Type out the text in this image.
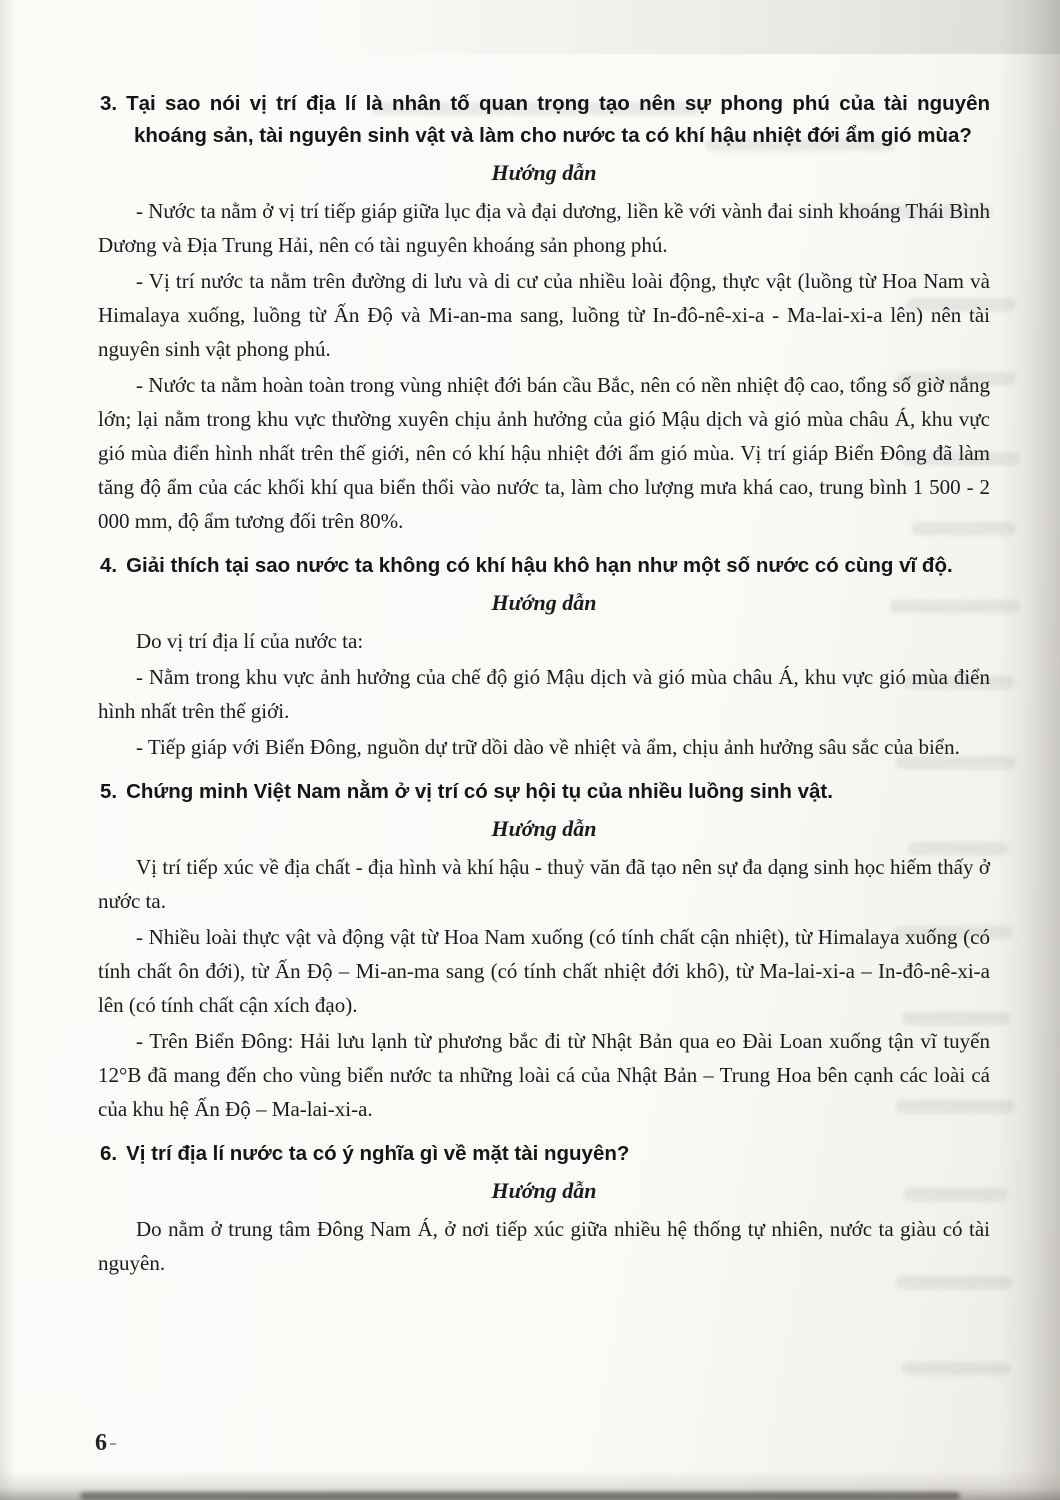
3. Tại sao nói vị trí địa lí là nhân tố quan trọng tạo nên sự phong phú của tài nguyên khoáng sản, tài nguyên sinh vật và làm cho nước ta có khí hậu nhiệt đới ẩm gió mùa?

Hướng dẫn

- Nước ta nằm ở vị trí tiếp giáp giữa lục địa và đại dương, liền kề với vành đai sinh khoáng Thái Bình Dương và Địa Trung Hải, nên có tài nguyên khoáng sản phong phú.

- Vị trí nước ta nằm trên đường di lưu và di cư của nhiều loài động, thực vật (luồng từ Hoa Nam và Himalaya xuống, luồng từ Ấn Độ và Mi-an-ma sang, luồng từ In-đô-nê-xi-a - Ma-lai-xi-a lên) nên tài nguyên sinh vật phong phú.

- Nước ta nằm hoàn toàn trong vùng nhiệt đới bán cầu Bắc, nên có nền nhiệt độ cao, tổng số giờ nắng lớn; lại nằm trong khu vực thường xuyên chịu ảnh hưởng của gió Mậu dịch và gió mùa châu Á, khu vực gió mùa điển hình nhất trên thế giới, nên có khí hậu nhiệt đới ẩm gió mùa. Vị trí giáp Biển Đông đã làm tăng độ ẩm của các khối khí qua biển thổi vào nước ta, làm cho lượng mưa khá cao, trung bình 1 500 - 2 000 mm, độ ẩm tương đối trên 80%.

4. Giải thích tại sao nước ta không có khí hậu khô hạn như một số nước có cùng vĩ độ.

Hướng dẫn

Do vị trí địa lí của nước ta:

- Nằm trong khu vực ảnh hưởng của chế độ gió Mậu dịch và gió mùa châu Á, khu vực gió mùa điển hình nhất trên thế giới.

- Tiếp giáp với Biển Đông, nguồn dự trữ dồi dào về nhiệt và ẩm, chịu ảnh hưởng sâu sắc của biển.

5. Chứng minh Việt Nam nằm ở vị trí có sự hội tụ của nhiều luồng sinh vật.

Hướng dẫn

Vị trí tiếp xúc về địa chất - địa hình và khí hậu - thuỷ văn đã tạo nên sự đa dạng sinh học hiếm thấy ở nước ta.

- Nhiều loài thực vật và động vật từ Hoa Nam xuống (có tính chất cận nhiệt), từ Himalaya xuống (có tính chất ôn đới), từ Ấn Độ – Mi-an-ma sang (có tính chất nhiệt đới khô), từ Ma-lai-xi-a – In-đô-nê-xi-a lên (có tính chất cận xích đạo).

- Trên Biển Đông: Hải lưu lạnh từ phương bắc đi từ Nhật Bản qua eo Đài Loan xuống tận vĩ tuyến 12°B đã mang đến cho vùng biển nước ta những loài cá của Nhật Bản – Trung Hoa bên cạnh các loài cá của khu hệ Ấn Độ – Ma-lai-xi-a.

6. Vị trí địa lí nước ta có ý nghĩa gì về mặt tài nguyên?

Hướng dẫn

Do nằm ở trung tâm Đông Nam Á, ở nơi tiếp xúc giữa nhiều hệ thống tự nhiên, nước ta giàu có tài nguyên.

6-
